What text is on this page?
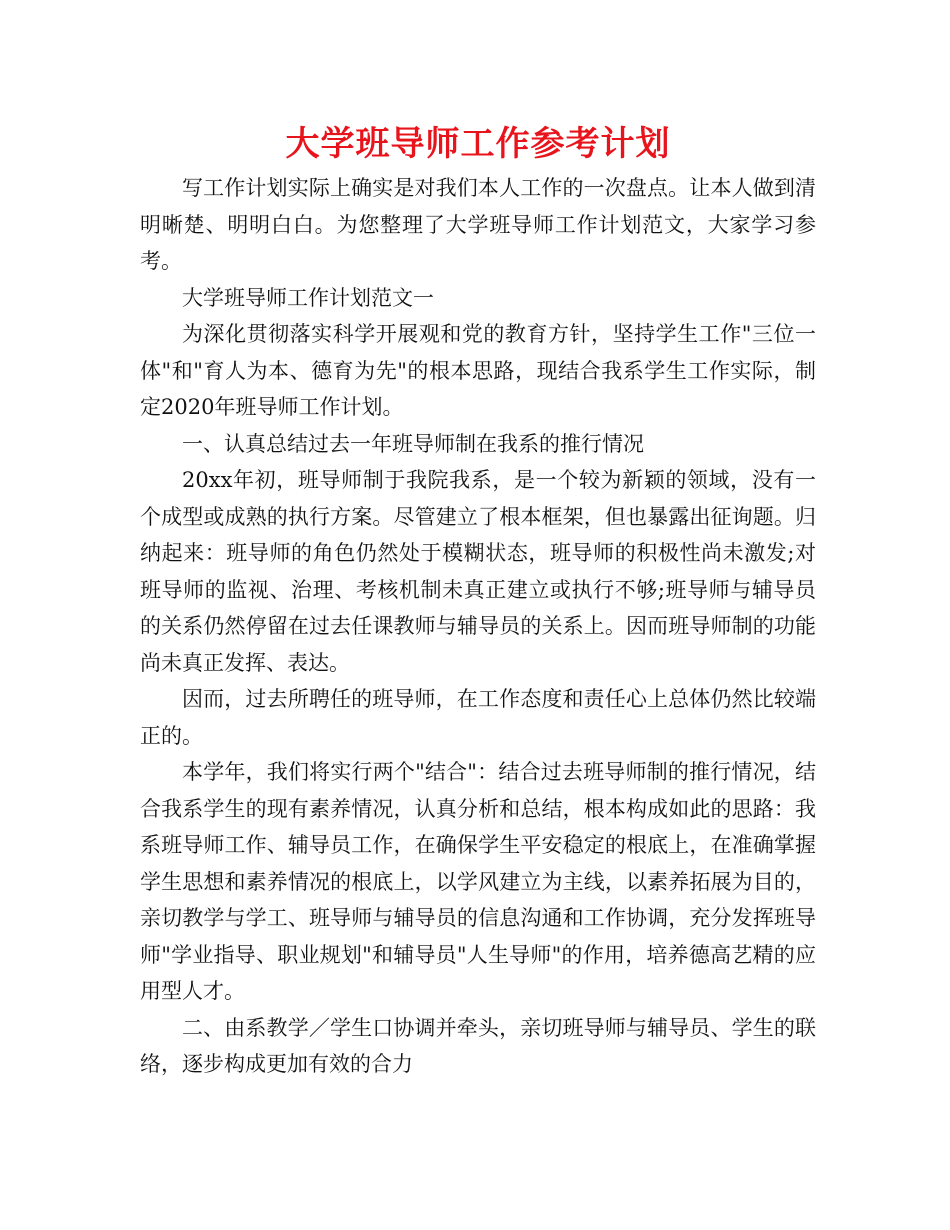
大学班导师工作参考计划

写工作计划实际上确实是对我们本人工作的一次盘点。让本人做到清明晰楚、明明白白。为您整理了大学班导师工作计划范文，大家学习参考。

大学班导师工作计划范文一

为深化贯彻落实科学开展观和党的教育方针，坚持学生工作"三位一体"和"育人为本、德育为先"的根本思路，现结合我系学生工作实际，制定2020年班导师工作计划。

一、认真总结过去一年班导师制在我系的推行情况

20xx年初，班导师制于我院我系，是一个较为新颖的领域，没有一个成型或成熟的执行方案。尽管建立了根本框架，但也暴露出征询题。归纳起来：班导师的角色仍然处于模糊状态，班导师的积极性尚未激发;对班导师的监视、治理、考核机制未真正建立或执行不够;班导师与辅导员的关系仍然停留在过去任课教师与辅导员的关系上。因而班导师制的功能尚未真正发挥、表达。

因而，过去所聘任的班导师，在工作态度和责任心上总体仍然比较端正的。

本学年，我们将实行两个"结合"：结合过去班导师制的推行情况，结合我系学生的现有素养情况，认真分析和总结，根本构成如此的思路：我系班导师工作、辅导员工作，在确保学生平安稳定的根底上，在准确掌握学生思想和素养情况的根底上，以学风建立为主线，以素养拓展为目的，亲切教学与学工、班导师与辅导员的信息沟通和工作协调，充分发挥班导师"学业指导、职业规划"和辅导员"人生导师"的作用，培养德高艺精的应用型人才。

二、由系教学／学生口协调并牵头，亲切班导师与辅导员、学生的联络，逐步构成更加有效的合力
